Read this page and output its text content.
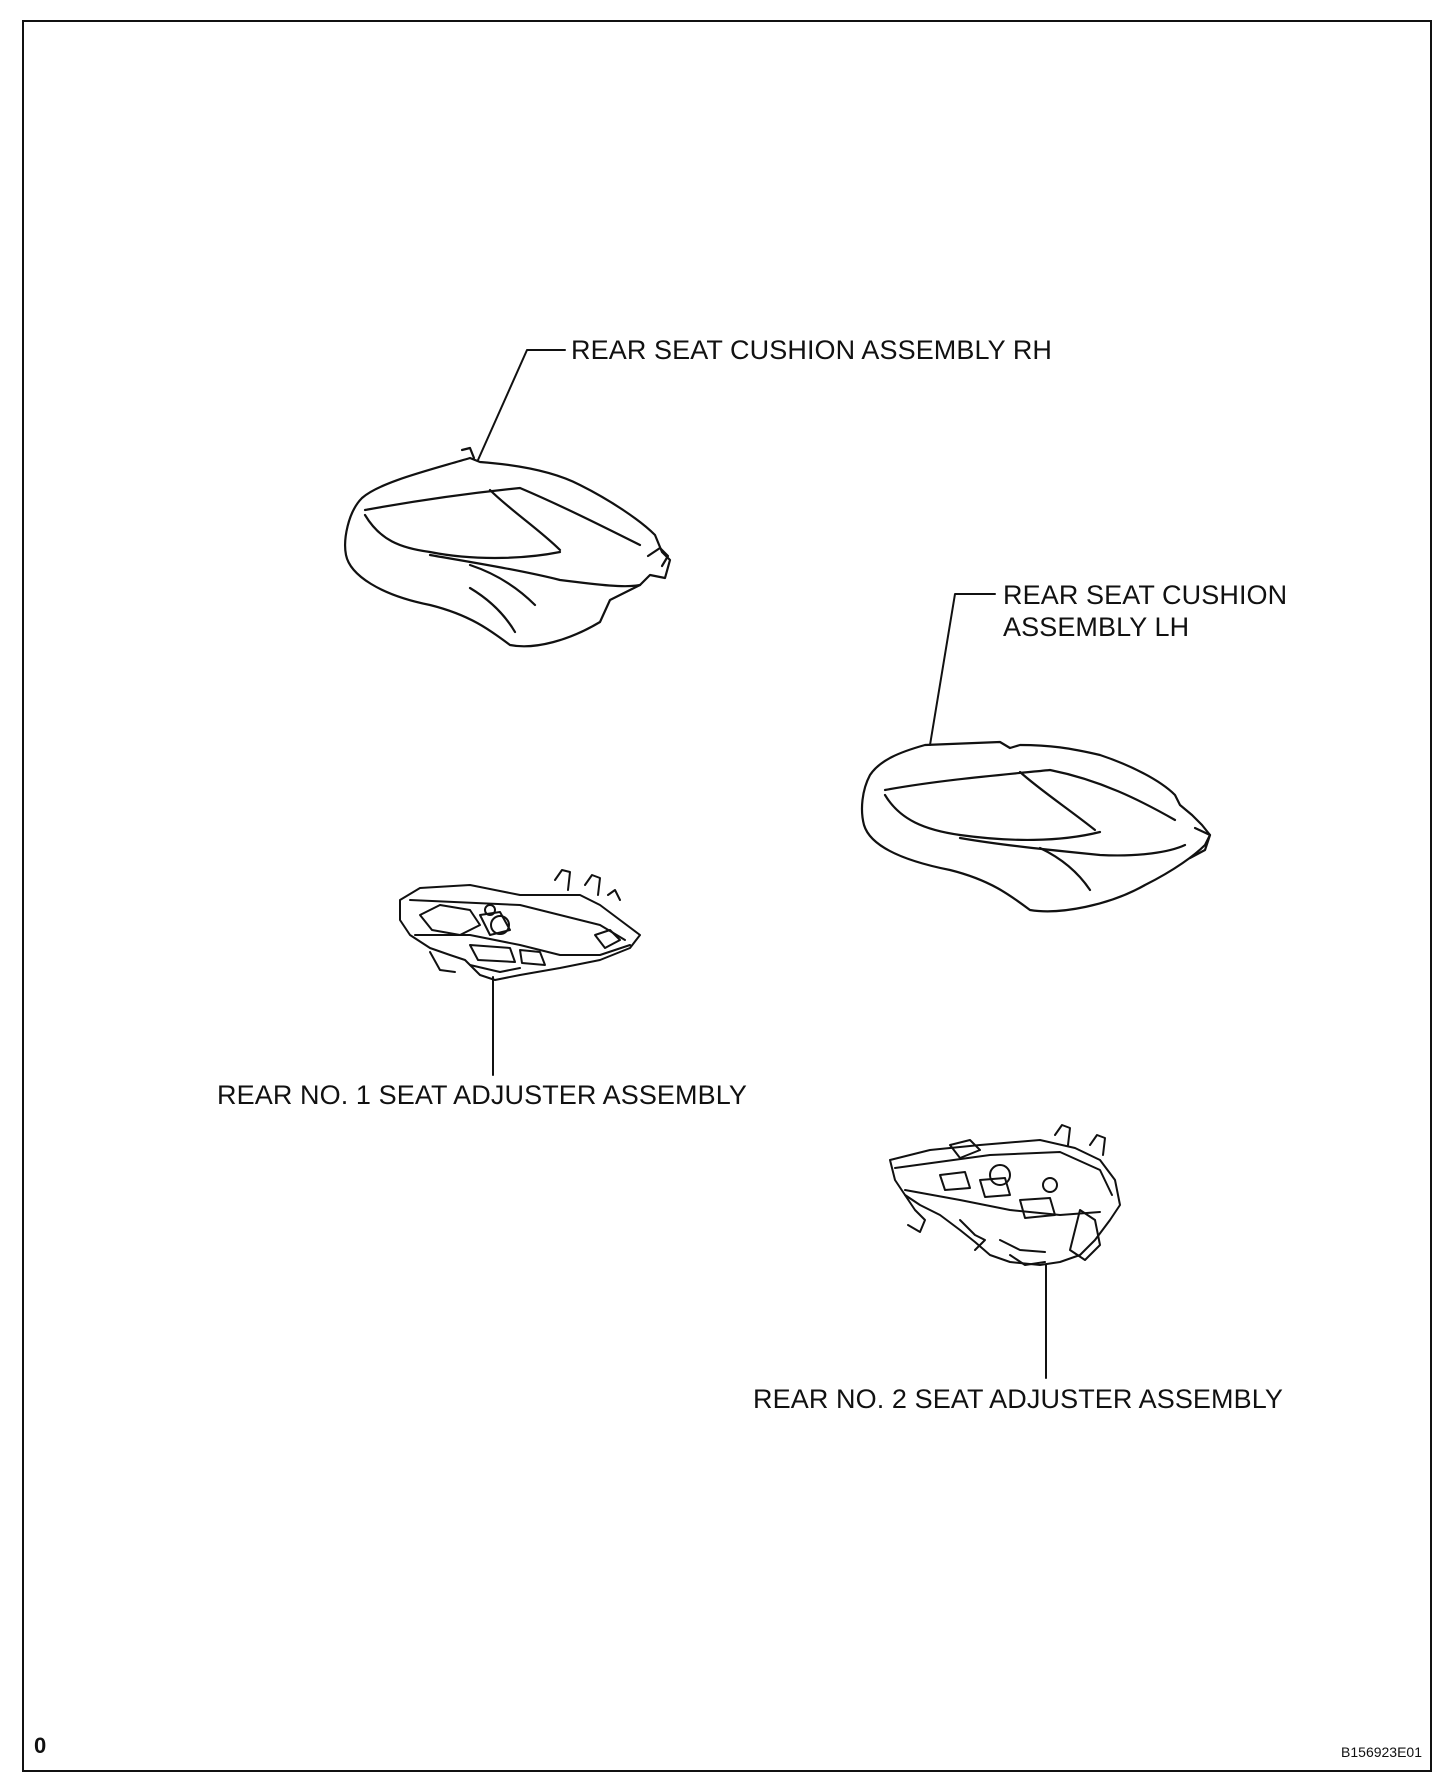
REAR SEAT CUSHION ASSEMBLY RH
REAR SEAT CUSHION ASSEMBLY LH
REAR NO. 1 SEAT ADJUSTER ASSEMBLY
REAR NO. 2 SEAT ADJUSTER ASSEMBLY
0	B156923E01
